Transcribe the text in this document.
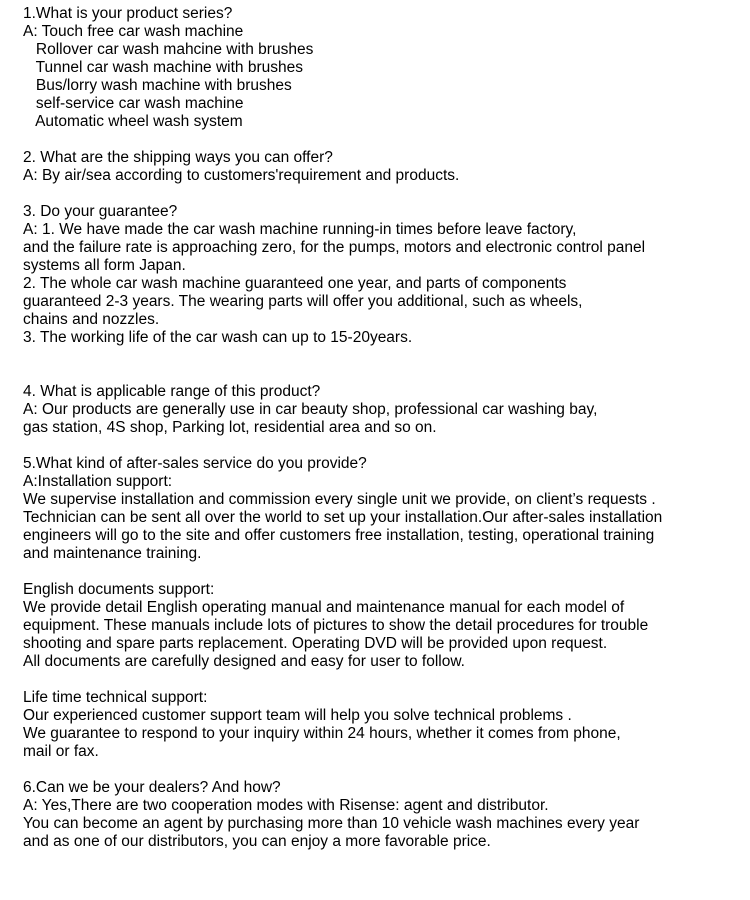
1.What is your product series?
A: Touch free car wash machine
Rollover car wash mahcine with brushes
Tunnel car wash machine with brushes
Bus/lorry wash machine with brushes
self-service car wash machine
Automatic wheel wash system
2. What are the shipping ways you can offer?
A: By air/sea according to customers'requirement and products.
3. Do your guarantee?
A: 1. We have made the car wash machine running-in times before leave factory,
and the failure rate is approaching zero, for the pumps, motors and electronic control panel
systems all form Japan.
2. The whole car wash machine guaranteed one year, and parts of components
guaranteed 2-3 years. The wearing parts will offer you additional, such as wheels,
chains and nozzles.
3. The working life of the car wash can up to 15-20years.
4. What is applicable range of this product?
A: Our products are generally use in car beauty shop, professional car washing bay,
gas station, 4S shop, Parking lot, residential area and so on.
5.What kind of after-sales service do you provide?
A:Installation support:
We supervise installation and commission every single unit we provide, on client’s requests .
Technician can be sent all over the world to set up your installation.Our after-sales installation
engineers will go to the site and offer customers free installation, testing, operational training
and maintenance training.
English documents support:
We provide detail English operating manual and maintenance manual for each model of
equipment. These manuals include lots of pictures to show the detail procedures for trouble
shooting and spare parts replacement. Operating DVD will be provided upon request.
All documents are carefully designed and easy for user to follow.
Life time technical support:
Our experienced customer support team will help you solve technical problems .
We guarantee to respond to your inquiry within 24 hours, whether it comes from phone,
mail or fax.
6.Can we be your dealers? And how?
A: Yes,There are two cooperation modes with Risense: agent and distributor.
You can become an agent by purchasing more than 10 vehicle wash machines every year
and as one of our distributors, you can enjoy a more favorable price.
